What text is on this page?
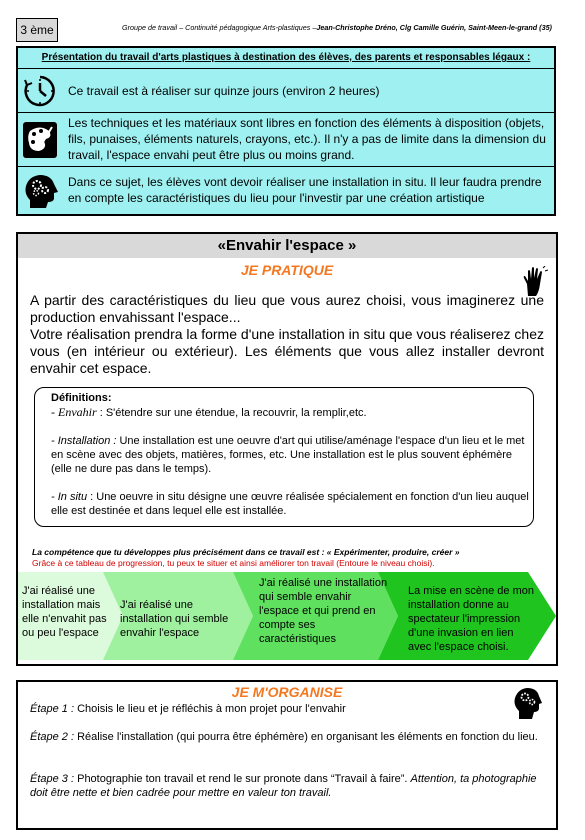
3 ème	Groupe de travail – Continuité pédagogique Arts-plastiques –Jean-Christophe Dréno, Clg Camille Guérin, Saint-Meen-le-grand (35)
Présentation du travail d'arts plastiques à destination des élèves, des parents et responsables légaux :
Ce travail est à réaliser sur quinze jours (environ 2 heures)
Les techniques et les matériaux sont libres en fonction des éléments à disposition (objets, fils, punaises, éléments naturels, crayons, etc.). Il n'y a pas de limite dans la dimension du travail, l'espace envahi peut être plus ou moins grand.
Dans ce sujet, les élèves vont devoir réaliser une installation in situ. Il leur faudra prendre en compte les caractéristiques du lieu pour l'investir par une création artistique
«Envahir l'espace »
JE PRATIQUE
A partir des caractéristiques du lieu que vous aurez choisi, vous imaginerez une production envahissant l'espace...
Votre réalisation prendra la forme d'une installation in situ que vous réaliserez chez vous (en intérieur ou extérieur). Les éléments que vous allez installer devront envahir cet espace.

Définitions:

- Envahir : S'étendre sur une étendue, la recouvrir, la remplir,etc.

- Installation : Une installation est une oeuvre d'art qui utilise/aménage l'espace d'un lieu et le met en scène avec des objets, matières, formes, etc. Une installation est le plus souvent éphémère (elle ne dure pas dans le temps).

- In situ : Une oeuvre in situ désigne une œuvre réalisée spécialement en fonction d'un lieu auquel elle est destinée et dans lequel elle est installée.

La compétence que tu développes plus précisément dans ce travail est : « Expérimenter, produire, créer »
Grâce à ce tableau de progression, tu peux te situer et ainsi améliorer ton travail (Entoure le niveau choisi).
J'ai réalisé une installation mais elle n'envahit pas ou peu l'espace
J'ai réalisé une installation qui semble envahir l'espace
J'ai réalisé une installation qui semble envahir l'espace et qui prend en compte ses caractéristiques
La mise en scène de mon installation donne au spectateur l'impression d'une invasion en lien avec l'espace choisi.
JE M'ORGANISE
Étape 1 : Choisis le lieu et je réfléchis à mon projet pour l'envahir
Étape 2 : Réalise l'installation (qui pourra être éphémère) en organisant les éléments en fonction du lieu.
Étape 3 : Photographie ton travail et rend le sur pronote dans “Travail à faire”. Attention, ta photographie doit être nette et bien cadrée pour mettre en valeur ton travail.
